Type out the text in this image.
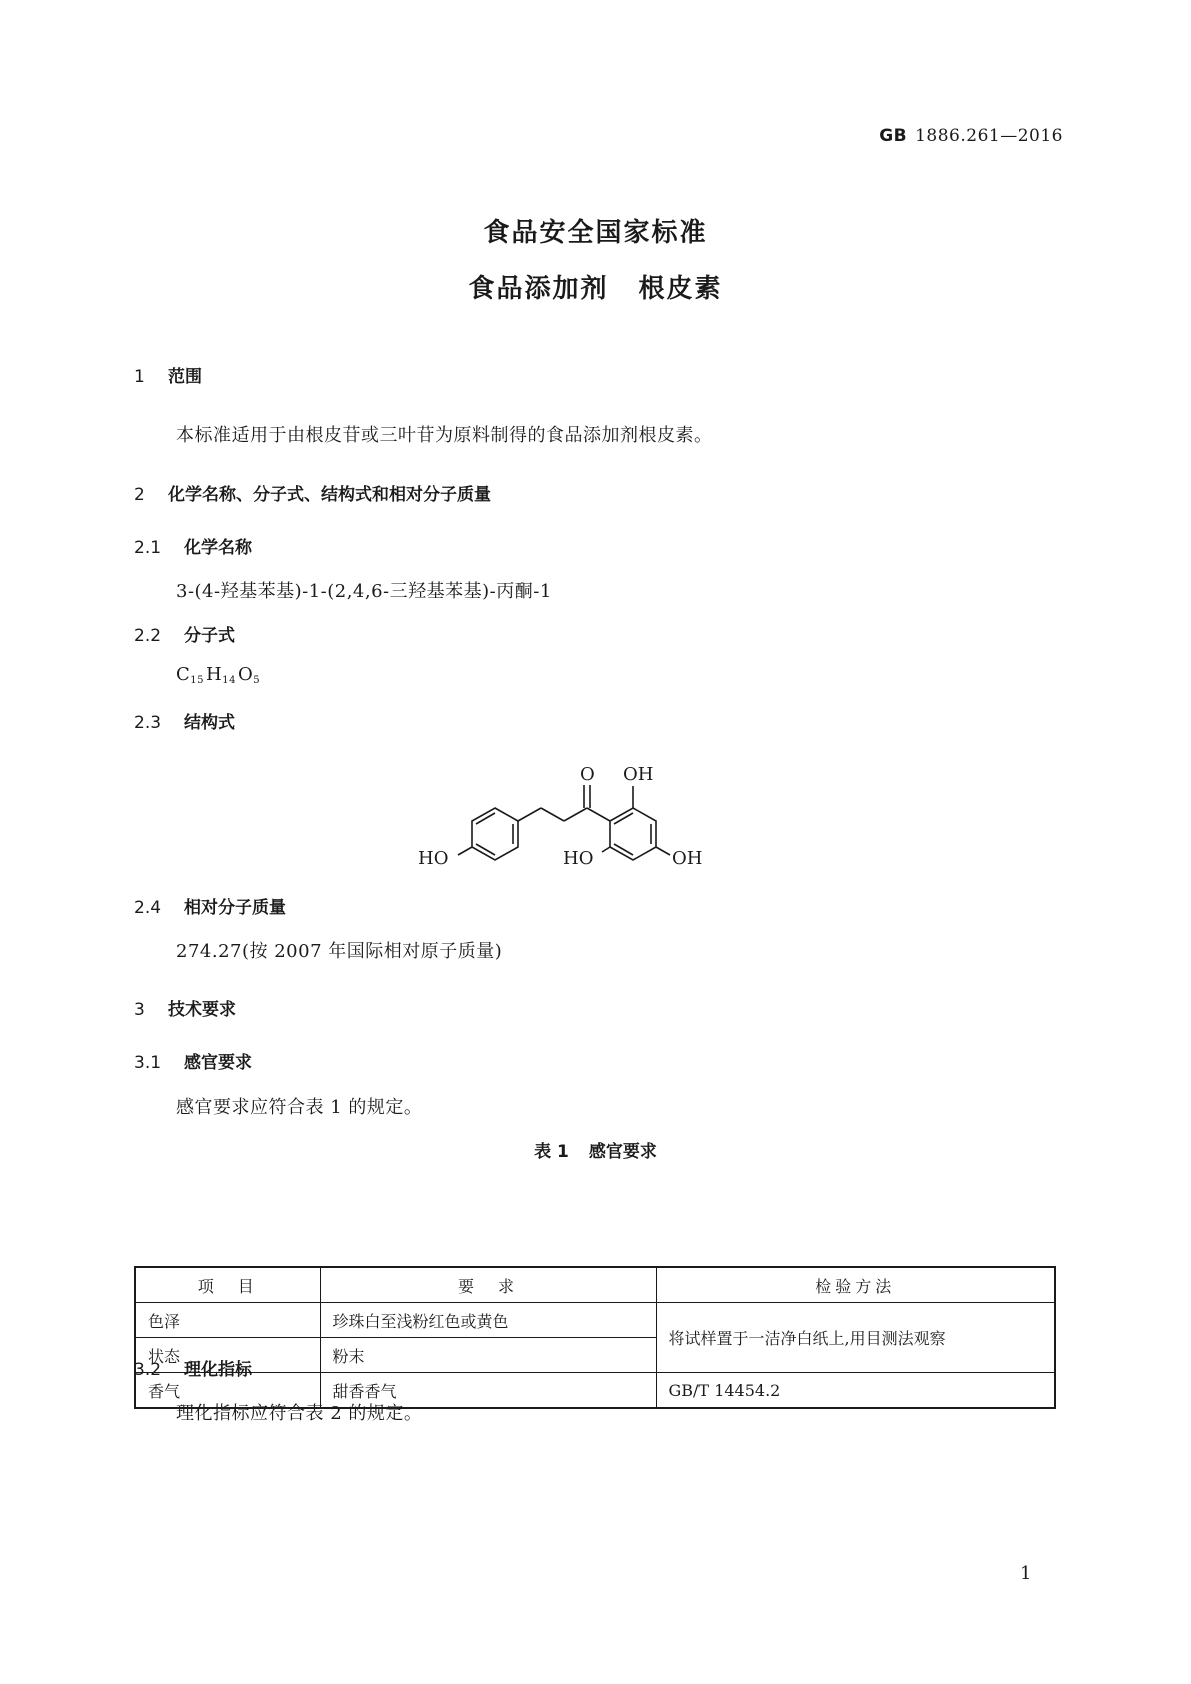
GB 1886.261—2016
食品安全国家标准
食品添加剂 根皮素
1 范围
本标准适用于由根皮苷或三叶苷为原料制得的食品添加剂根皮素。
2 化学名称、分子式、结构式和相对分子质量
2.1 化学名称
3-(4-羟基苯基)-1-(2,4,6-三羟基苯基)-丙酮-1
2.2 分子式
$C_{15}$ $H_{14}$ $O_5$
2.3 结构式
HO
O OH
HO	OH
2.4 相对分子质量
274.27(按 2007 年国际相对原子质量)
3 技术要求
3.1 感官要求
感官要求应符合表 1 的规定。
表 1 感官要求
项　目	要　求	检验方法
色泽	珍珠白至浅粉红色或黄色	将试样置于一洁净白纸上,用目测法观察
状态	粉末	
香气	甜香香气	GB/T 14454.2
3.2 理化指标
理化指标应符合表 2 的规定。
1
